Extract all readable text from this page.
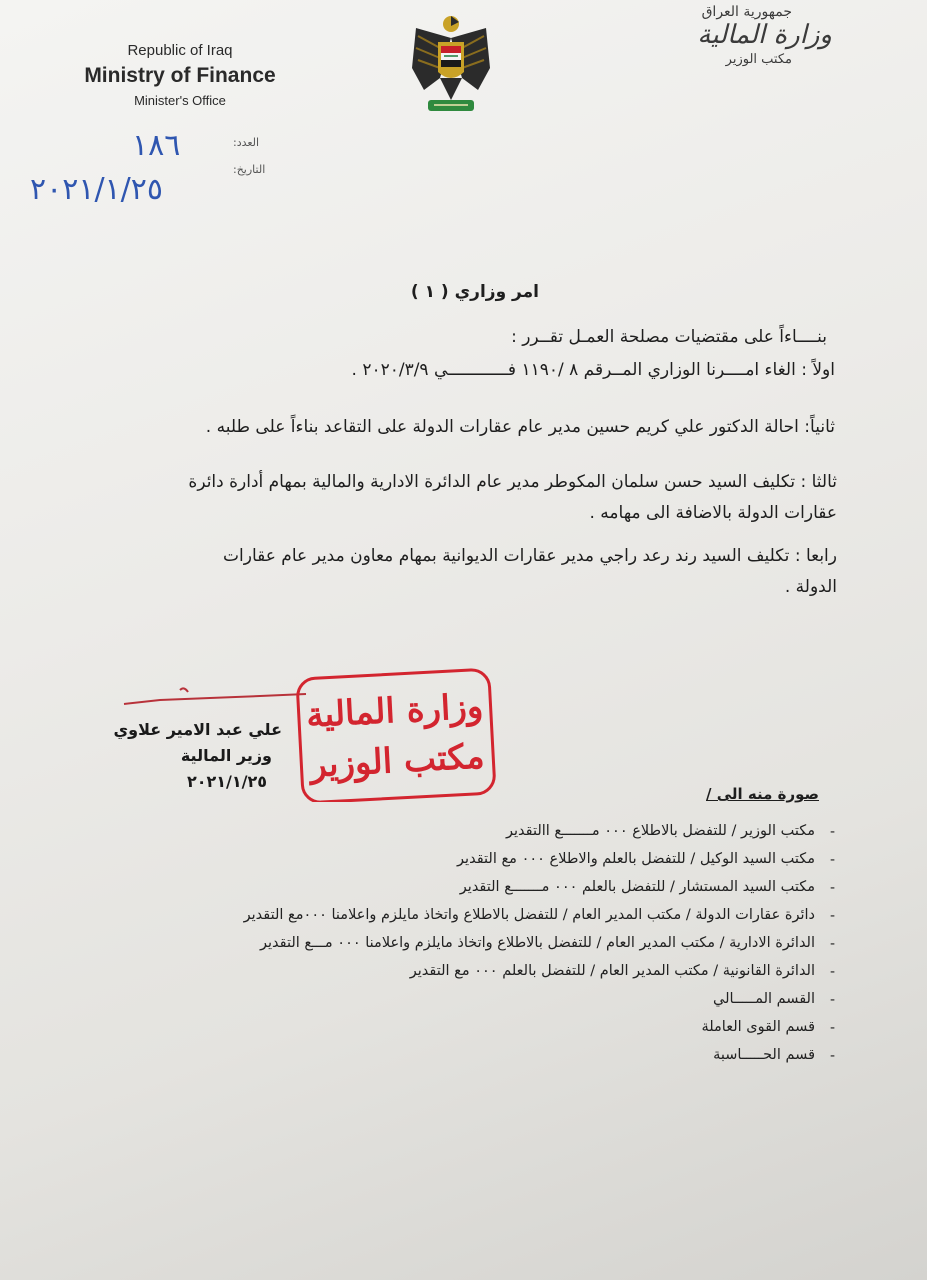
Republic of Iraq
Ministry of Finance
Minister's Office
جمهورية العراق
وزارة المالية
مكتب الوزير
العدد:
التاريخ:
١٨٦
٢٠٢١/١/٢٥
امر وزاري ( ١ )
بنــــاءاً على مقتضيات مصلحة العمـل تقــرر :
اولاً : الغاء امــــرنا الوزاري المــرقم ٨ /١١٩٠ فــــــــــــي ٢٠٢٠/٣/٩ .
ثانياً: احالة الدكتور علي كريم حسين مدير عام عقارات الدولة على التقاعد بناءاً على طلبه .
ثالثا : تكليف السيد حسن سلمان المكوطر مدير عام الدائرة الادارية والمالية بمهام أدارة دائرة
عقارات الدولة بالاضافة الى مهامه .
رابعا : تكليف السيد رند رعد راجي مدير عقارات الديوانية بمهام معاون مدير عام عقارات
الدولة .
علي عبد الامير علاوي
وزير المالية
٢٠٢١/١/٢٥
وزارة المالية
مكتب الوزير
صورة منه الى /
-
مكتب الوزير / للتفضل بالاطلاع ٠٠٠ مـــــــع االتقدير
-
مكتب السيد الوكيل / للتفضل بالعلم والاطلاع ٠٠٠ مع التقدير
-
مكتب السيد المستشار / للتفضل بالعلم ٠٠٠ مـــــــع التقدير
-
دائرة عقارات الدولة / مكتب المدير العام / للتفضل بالاطلاع واتخاذ مايلزم واعلامنا ٠٠٠مع التقدير
-
الدائرة الادارية / مكتب المدير العام / للتفضل بالاطلاع واتخاذ مايلزم واعلامنا ٠٠٠ مـــع التقدير
-
الدائرة القانونية / مكتب المدير العام / للتفضل بالعلم ٠٠٠ مع التقدير
-
القسم المـــــالي
-
قسم القوى العاملة
-
قسم الحـــــاسبة
